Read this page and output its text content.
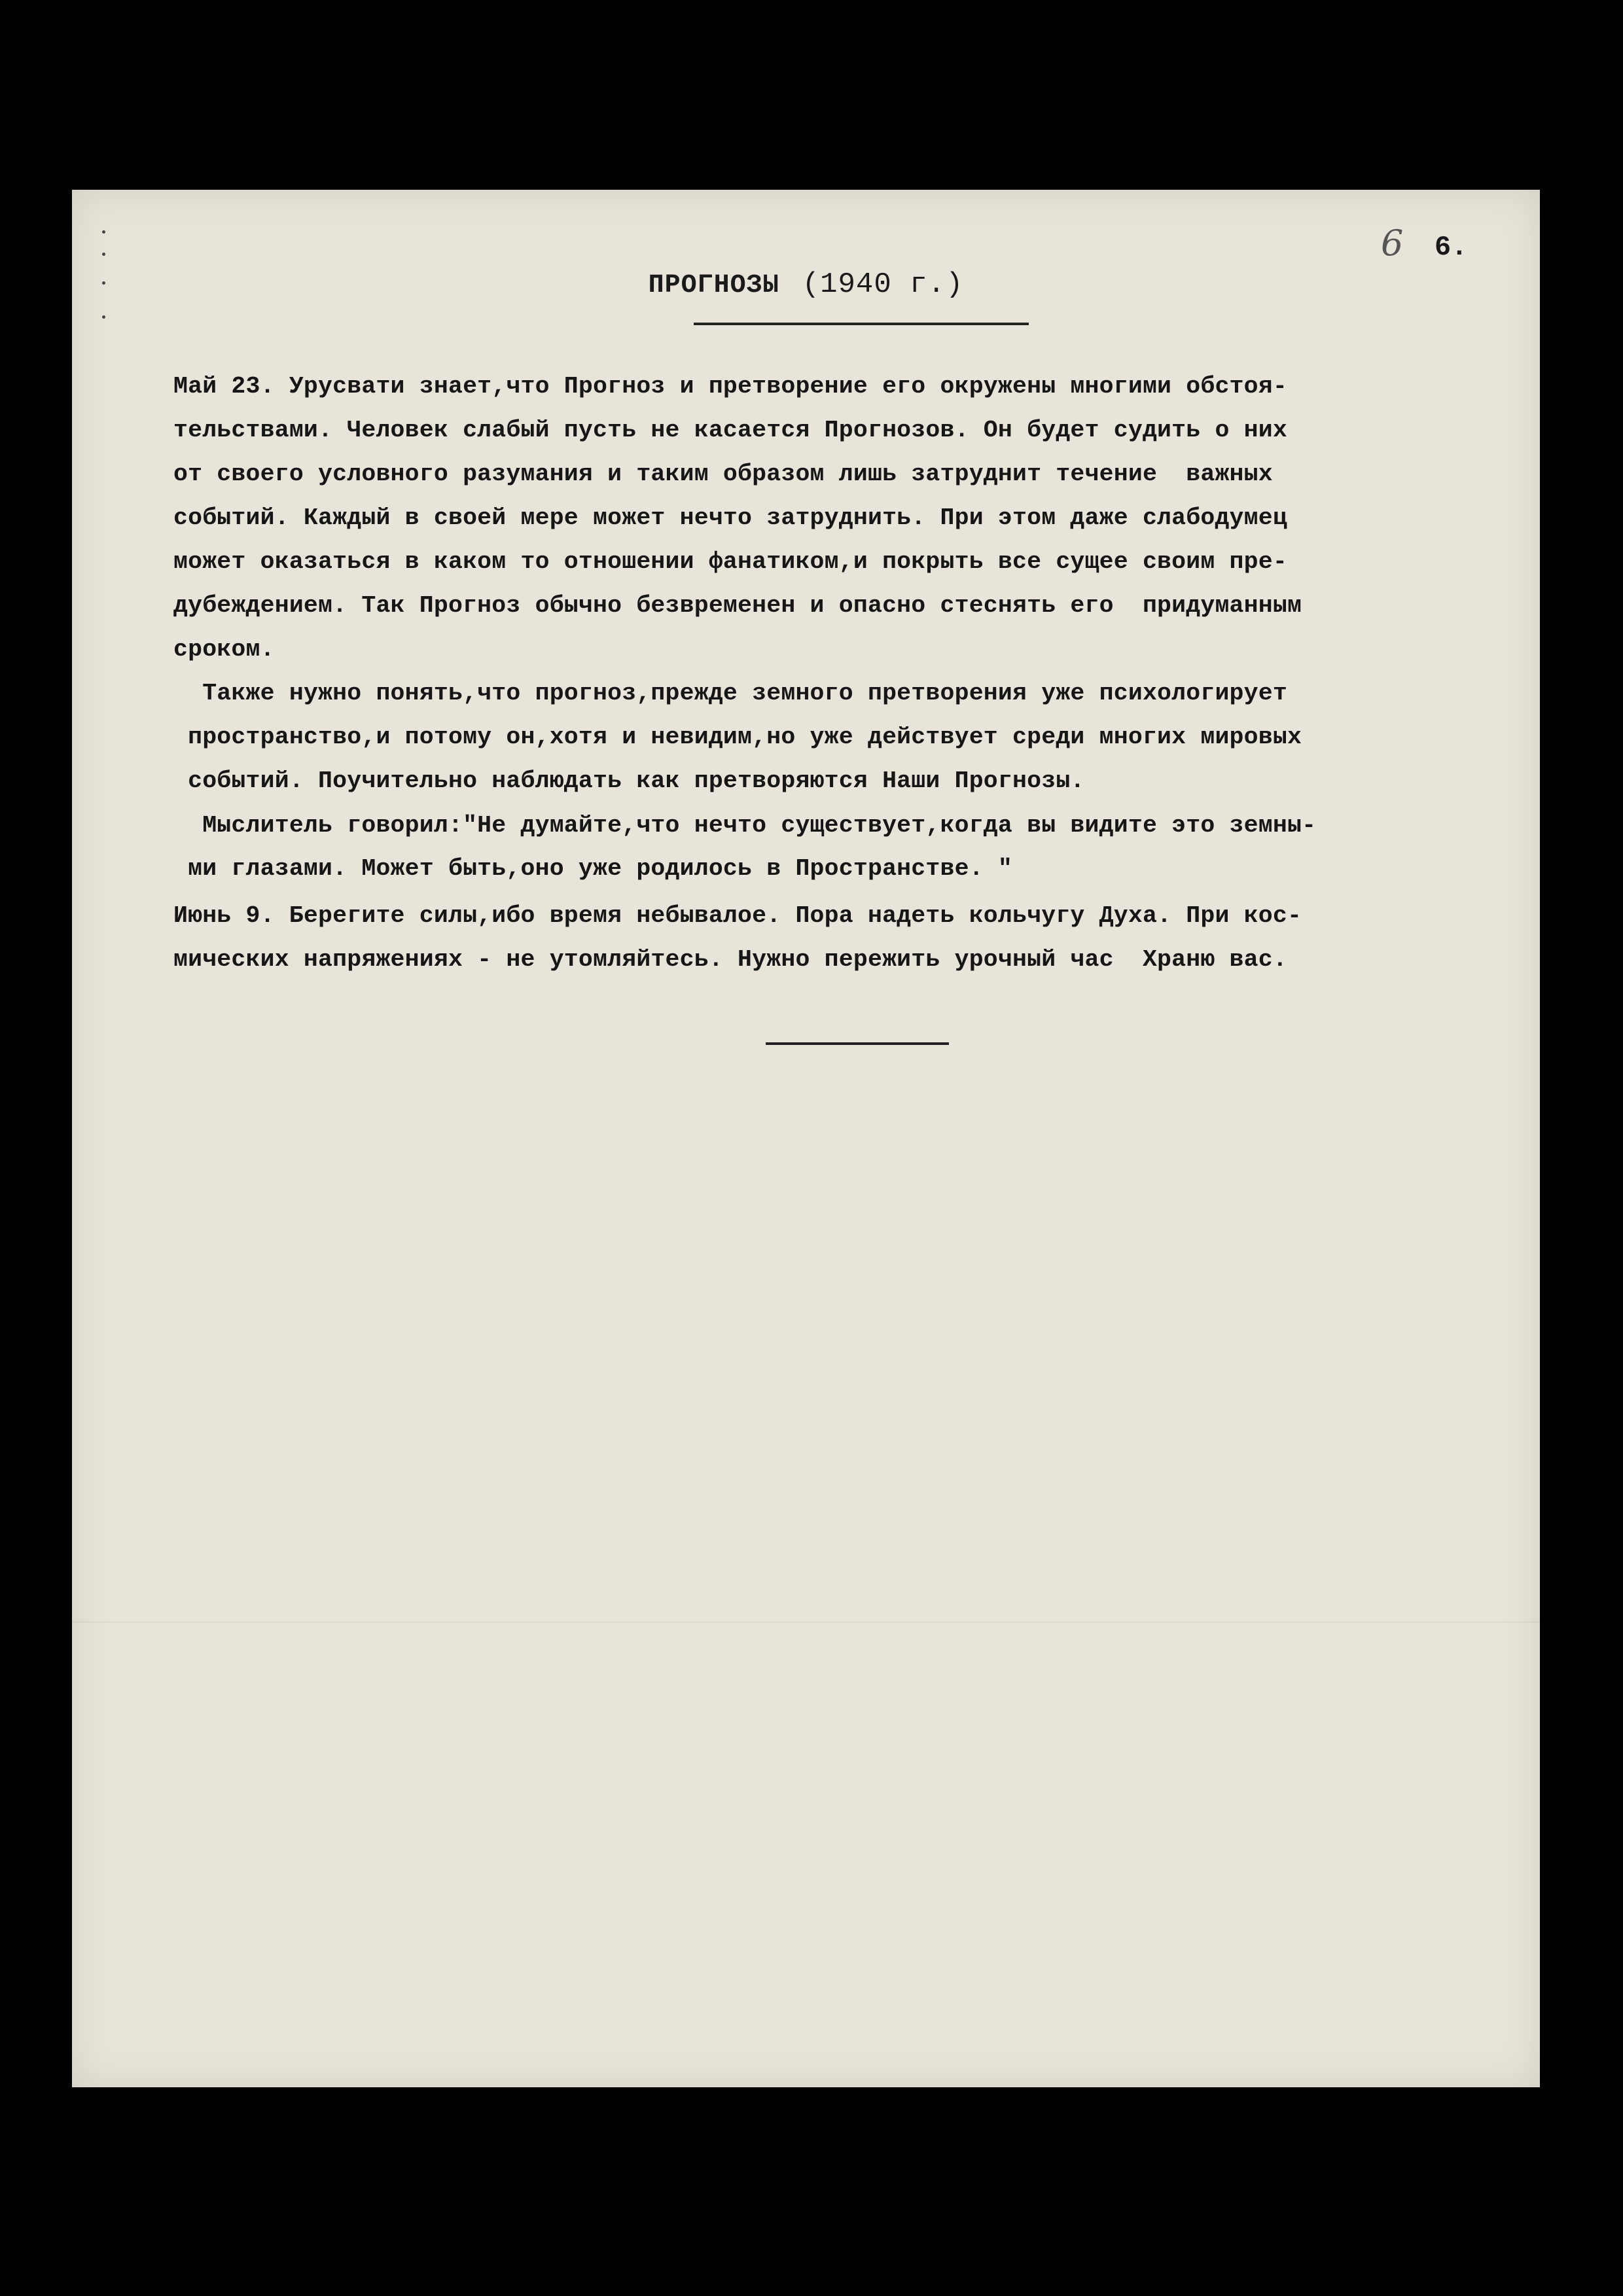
6 6.
ПРОГНОЗЫ (1940 г.)
Май 23. Урусвати знает,что Прогноз и претворение его окружены многими обстоя-
тельствами. Человек слабый пусть не касается Прогнозов. Он будет судить о них
от своего условного разумания и таким образом лишь затруднит течение  важных
событий. Каждый в своей мере может нечто затруднить. При этом даже слабодумец
может оказаться в каком то отношении фанатиком,и покрыть все сущее своим пре-
дубеждением. Так Прогноз обычно безвременен и опасно стеснять его  придуманным
сроком.
Также нужно понять,что прогноз,прежде земного претворения уже психологирует
пространство,и потому он,хотя и невидим,но уже действует среди многих мировых
событий. Поучительно наблюдать как претворяются Наши Прогнозы.
Мыслитель говорил:"Не думайте,что нечто существует,когда вы видите это земны-
ми глазами. Может быть,оно уже родилось в Пространстве. "
Июнь 9. Берегите силы,ибо время небывалое. Пора надеть кольчугу Духа. При кос-
мических напряжениях - не утомляйтесь. Нужно пережить урочный час  Храню вас.
